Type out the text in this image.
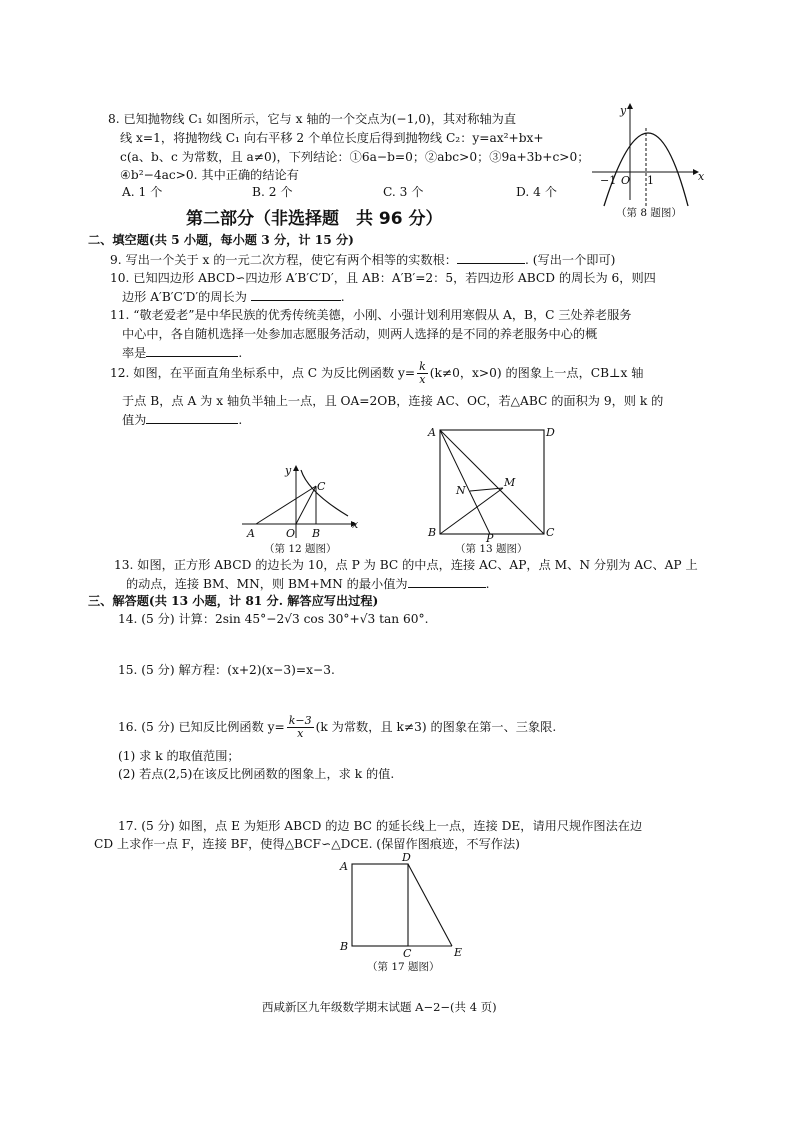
8. 已知抛物线 C₁ 如图所示，它与 x 轴的一个交点为(−1,0)，其对称轴为直
线 x=1，将抛物线 C₁ 向右平移 2 个单位长度后得到抛物线 C₂：y=ax²+bx+
c(a、b、c 为常数，且 a≠0)，下列结论：①6a−b=0；②abc>0；③9a+3b+c>0；
④b²−4ac>0. 其中正确的结论有
A. 1 个	B. 2 个	C. 3 个	D. 4 个
y
x
−1 O 1
（第 8 题图）
第二部分（非选择题　共 96 分）
二、填空题(共 5 小题，每小题 3 分，计 15 分)
9. 写出一个关于 x 的一元二次方程，使它有两个相等的实数根：	. (写出一个即可)
10. 已知四边形 ABCD∽四边形 A′B′C′D′，且 AB：A′B′=2：5，若四边形 ABCD 的周长为 6，则四
边形 A′B′C′D′的周长为	.
11. “敬老爱老”是中华民族的优秀传统美德，小刚、小强计划利用寒假从 A，B，C 三处养老服务
中心中，各自随机选择一处参加志愿服务活动，则两人选择的是不同的养老服务中心的概
率是	.
12. 如图，在平面直角坐标系中，点 C 为反比例函数 $y= \frac{k}{x} (k\ne 0$，x>0) 的图象上一点，CB⊥x 轴
于点 B，点 A 为 x 轴负半轴上一点，且 OA=2OB，连接 AC、OC，若△ABC 的面积为 9，则 k 的
值为	.
y
x
A	O B
C
（第 12 题图）
A	D
N
M
B	P	C
（第 13 题图）
13. 如图，正方形 ABCD 的边长为 10，点 P 为 BC 的中点，连接 AC、AP，点 M、N 分别为 AC、AP 上
的动点，连接 BM、MN，则 BM+MN 的最小值为	.
三、解答题(共 13 小题，计 81 分. 解答应写出过程)
14. (5 分) 计算：2sin 45°−2√3 cos 30°+√3 tan 60°.
15. (5 分) 解方程：(x+2)(x−3)=x−3.
16. (5 分) 已知反比例函数 $y= \frac{k-3}{x} (k$ 为常数，且 k≠3) 的图象在第一、三象限.
(1) 求 k 的取值范围；
(2) 若点(2,5)在该反比例函数的图象上，求 k 的值.
17. (5 分) 如图，点 E 为矩形 ABCD 的边 BC 的延长线上一点，连接 DE，请用尺规作图法在边
CD 上求作一点 F，连接 BF，使得△BCF∽△DCE. (保留作图痕迹，不写作法)
A
D
B
C	E
（第 17 题图）
西咸新区九年级数学期末试题 A−2−(共 4 页)
